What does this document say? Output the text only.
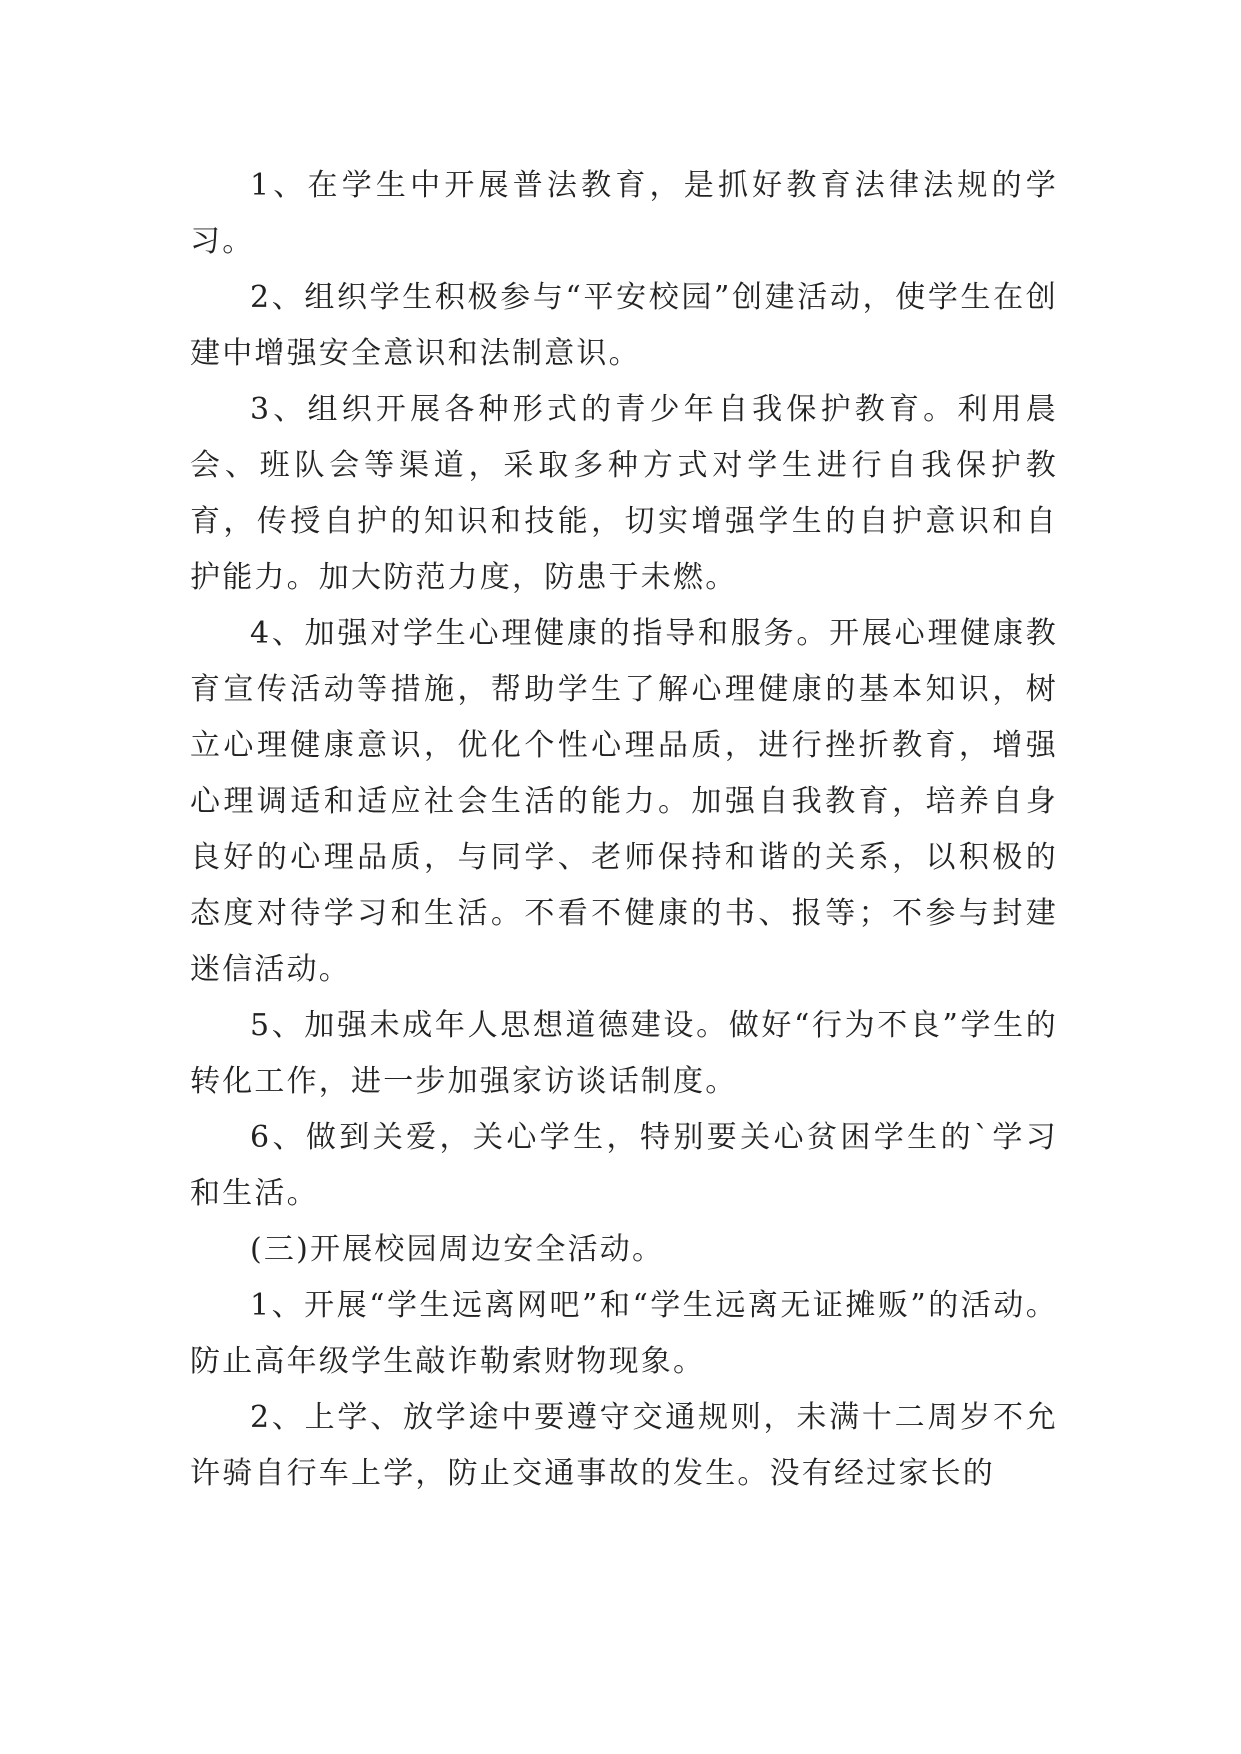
1、在学生中开展普法教育，是抓好教育法律法规的学习。

2、组织学生积极参与“平安校园”创建活动，使学生在创建中增强安全意识和法制意识。

3、组织开展各种形式的青少年自我保护教育。利用晨会、班队会等渠道，采取多种方式对学生进行自我保护教育，传授自护的知识和技能，切实增强学生的自护意识和自护能力。加大防范力度，防患于未燃。

4、加强对学生心理健康的指导和服务。开展心理健康教育宣传活动等措施，帮助学生了解心理健康的基本知识，树立心理健康意识，优化个性心理品质，进行挫折教育，增强心理调适和适应社会生活的能力。加强自我教育，培养自身良好的心理品质，与同学、老师保持和谐的关系，以积极的态度对待学习和生活。不看不健康的书、报等；不参与封建迷信活动。

5、加强未成年人思想道德建设。做好“行为不良”学生的转化工作，进一步加强家访谈话制度。

6、做到关爱，关心学生，特别要关心贫困学生的`学习和生活。

(三)开展校园周边安全活动。

1、开展“学生远离网吧”和“学生远离无证摊贩”的活动。防止高年级学生敲诈勒索财物现象。

2、上学、放学途中要遵守交通规则，未满十二周岁不允许骑自行车上学，防止交通事故的发生。没有经过家长的
